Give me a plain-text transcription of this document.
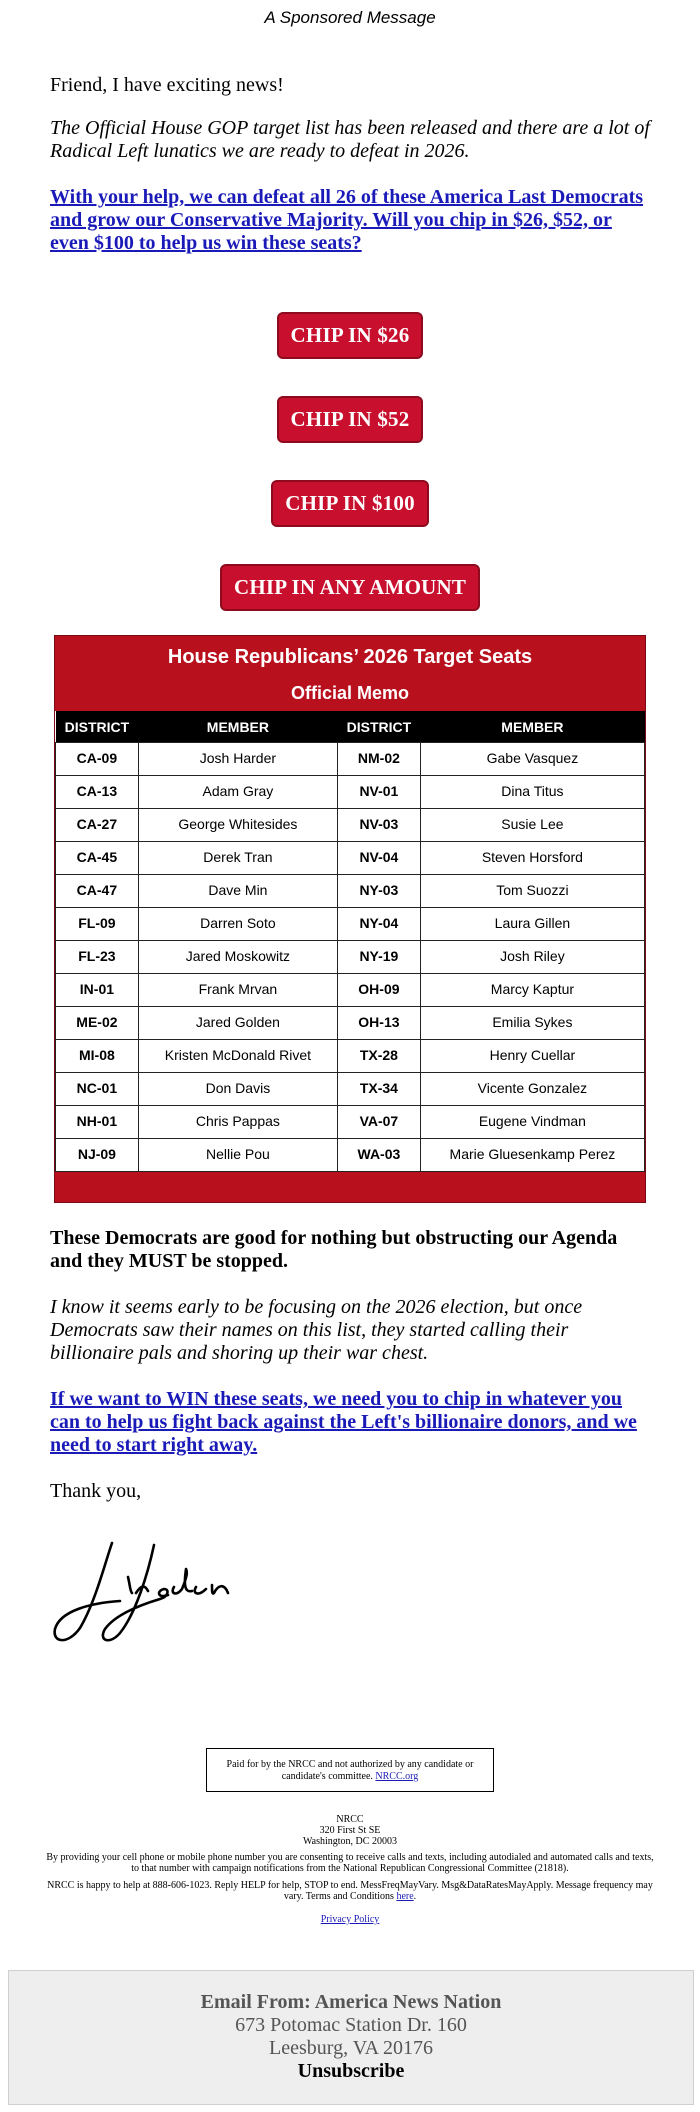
A Sponsored Message

Friend, I have exciting news!

The Official House GOP target list has been released and there are a lot of Radical Left lunatics we are ready to defeat in 2026.

With your help, we can defeat all 26 of these America Last Democrats and grow our Conservative Majority. Will you chip in $26, $52, or even $100 to help us win these seats?

CHIP IN $26
CHIP IN $52
CHIP IN $100
CHIP IN ANY AMOUNT
House Republicans’ 2026 Target Seats
Official Memo
DISTRICT	MEMBER	DISTRICT	MEMBER
CA-09	Josh Harder	NM-02	Gabe Vasquez
CA-13	Adam Gray	NV-01	Dina Titus
CA-27	George Whitesides	NV-03	Susie Lee
CA-45	Derek Tran	NV-04	Steven Horsford
CA-47	Dave Min	NY-03	Tom Suozzi
FL-09	Darren Soto	NY-04	Laura Gillen
FL-23	Jared Moskowitz	NY-19	Josh Riley
IN-01	Frank Mrvan	OH-09	Marcy Kaptur
ME-02	Jared Golden	OH-13	Emilia Sykes
MI-08	Kristen McDonald Rivet	TX-28	Henry Cuellar
NC-01	Don Davis	TX-34	Vicente Gonzalez
NH-01	Chris Pappas	VA-07	Eugene Vindman
NJ-09	Nellie Pou	WA-03	Marie Gluesenkamp Perez

These Democrats are good for nothing but obstructing our Agenda and they MUST be stopped.

I know it seems early to be focusing on the 2026 election, but once Democrats saw their names on this list, they started calling their billionaire pals and shoring up their war chest.

If we want to WIN these seats, we need you to chip in whatever you can to help us fight back against the Left's billionaire donors, and we need to start right away.

Thank you,

Paid for by the NRCC and not authorized by any candidate or candidate's committee. NRCC.org
NRCC
320 First St SE
Washington, DC 20003
By providing your cell phone or mobile phone number you are consenting to receive calls and texts, including autodialed and automated calls and texts, to that number with campaign notifications from the National Republican Congressional Committee (21818).
NRCC is happy to help at 888-606-1023. Reply HELP for help, STOP to end. MessFreqMayVary. Msg&DataRatesMayApply. Message frequency may vary. Terms and Conditions here.
Privacy Policy
Email From: America News Nation
673 Potomac Station Dr. 160
Leesburg, VA 20176
Unsubscribe
